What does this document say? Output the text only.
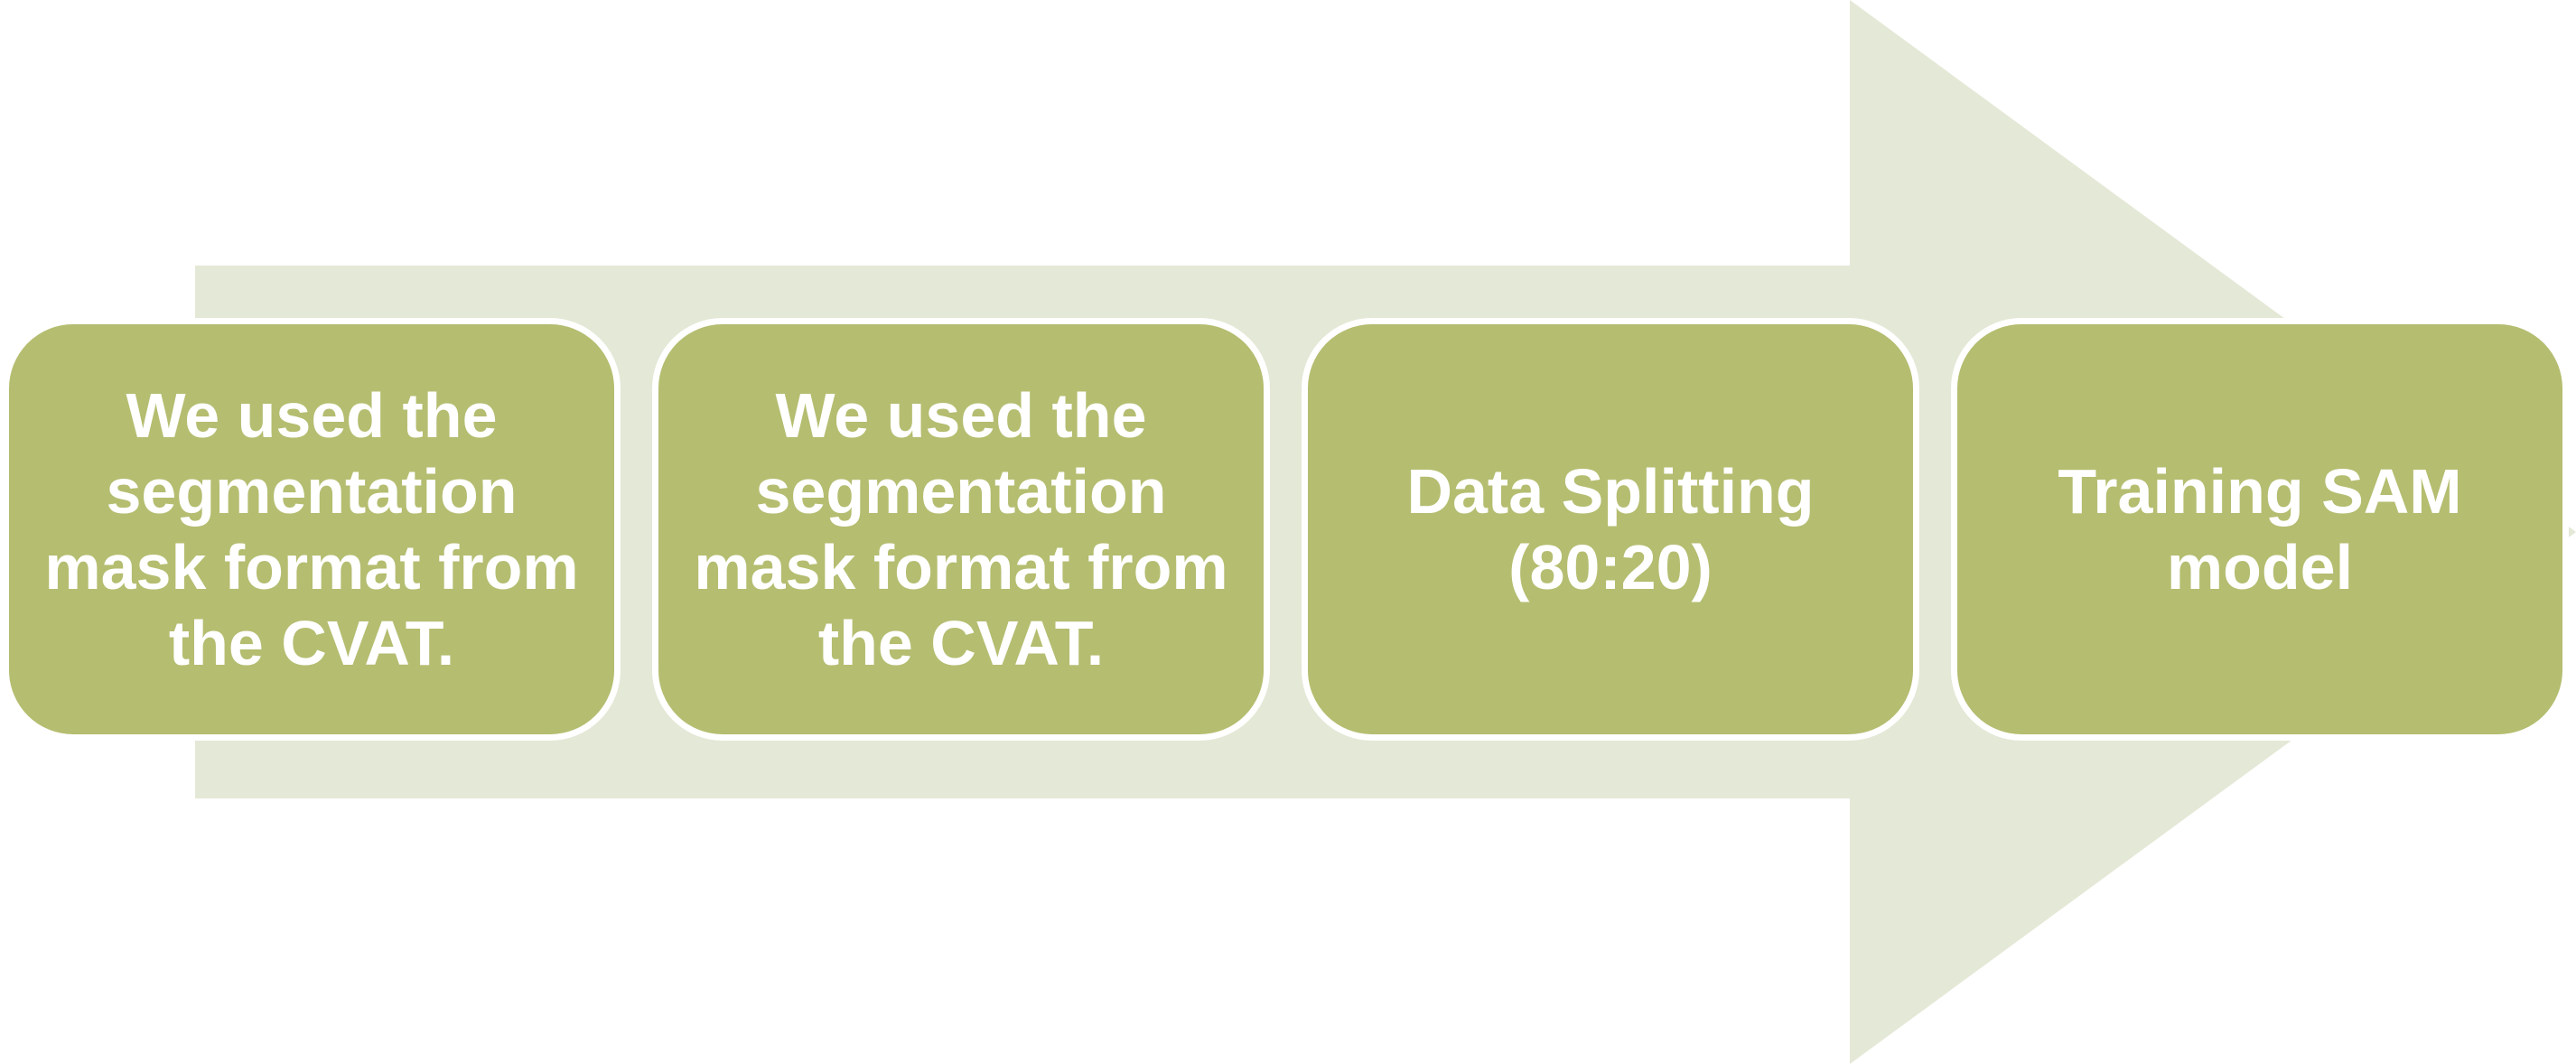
We used the segmentation mask format from the CVAT.
We used the segmentation mask format from the CVAT.
Data Splitting (80:20)
Training SAM model
